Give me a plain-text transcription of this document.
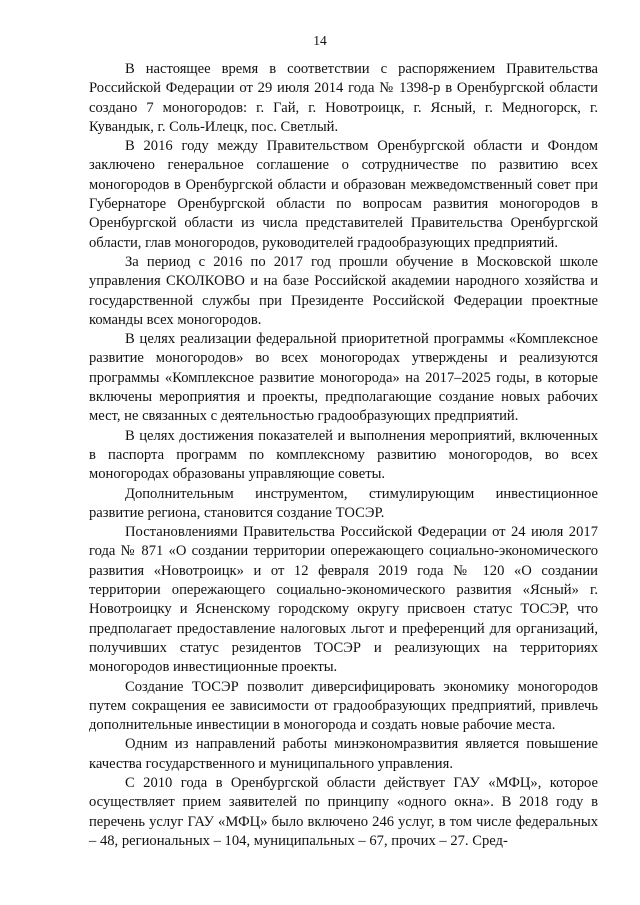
14

В настоящее время в соответствии с распоряжением Правительства Российской Федерации от 29 июля 2014 года № 1398-р в Оренбургской области создано 7 моногородов: г. Гай, г. Новотроицк, г. Ясный, г. Медногорск, г. Кувандык, г. Соль-Илецк, пос. Светлый.

В 2016 году между Правительством Оренбургской области и Фондом заключено генеральное соглашение о сотрудничестве по развитию всех моногородов в Оренбургской области и образован межведомственный совет при Губернаторе Оренбургской области по вопросам развития моногородов в Оренбургской области из числа представителей Правительства Оренбургской области, глав моногородов, руководителей градообразующих предприятий.

За период с 2016 по 2017 год прошли обучение в Московской школе управления СКОЛКОВО и на базе Российской академии народного хозяйства и государственной службы при Президенте Российской Федерации проектные команды всех моногородов.

В целях реализации федеральной приоритетной программы «Комплексное развитие моногородов» во всех моногородах утверждены и реализуются программы «Комплексное развитие моногорода» на 2017–2025 годы, в которые включены мероприятия и проекты, предполагающие создание новых рабочих мест, не связанных с деятельностью градообразующих предприятий.

В целях достижения показателей и выполнения мероприятий, включенных в паспорта программ по комплексному развитию моногородов, во всех моногородах образованы управляющие советы.

Дополнительным инструментом, стимулирующим инвестиционное развитие региона, становится создание ТОСЭР.

Постановлениями Правительства Российской Федерации от 24 июля 2017 года № 871 «О создании территории опережающего социально-экономического развития «Новотроицк» и от 12 февраля 2019 года № 120 «О создании территории опережающего социально-экономического развития «Ясный» г. Новотроицку и Ясненскому городскому округу присвоен статус ТОСЭР, что предполагает предоставление налоговых льгот и преференций для организаций, получивших статус резидентов ТОСЭР и реализующих на территориях моногородов инвестиционные проекты.

Создание ТОСЭР позволит диверсифицировать экономику моногородов путем сокращения ее зависимости от градообразующих предприятий, привлечь дополнительные инвестиции в моногорода и создать новые рабочие места.

Одним из направлений работы минэкономразвития является повышение качества государственного и муниципального управления.

С 2010 года в Оренбургской области действует ГАУ «МФЦ», которое осуществляет прием заявителей по принципу «одного окна». В 2018 году в перечень услуг ГАУ «МФЦ» было включено 246 услуг, в том числе федеральных – 48, региональных – 104, муниципальных – 67, прочих – 27. Сред-
